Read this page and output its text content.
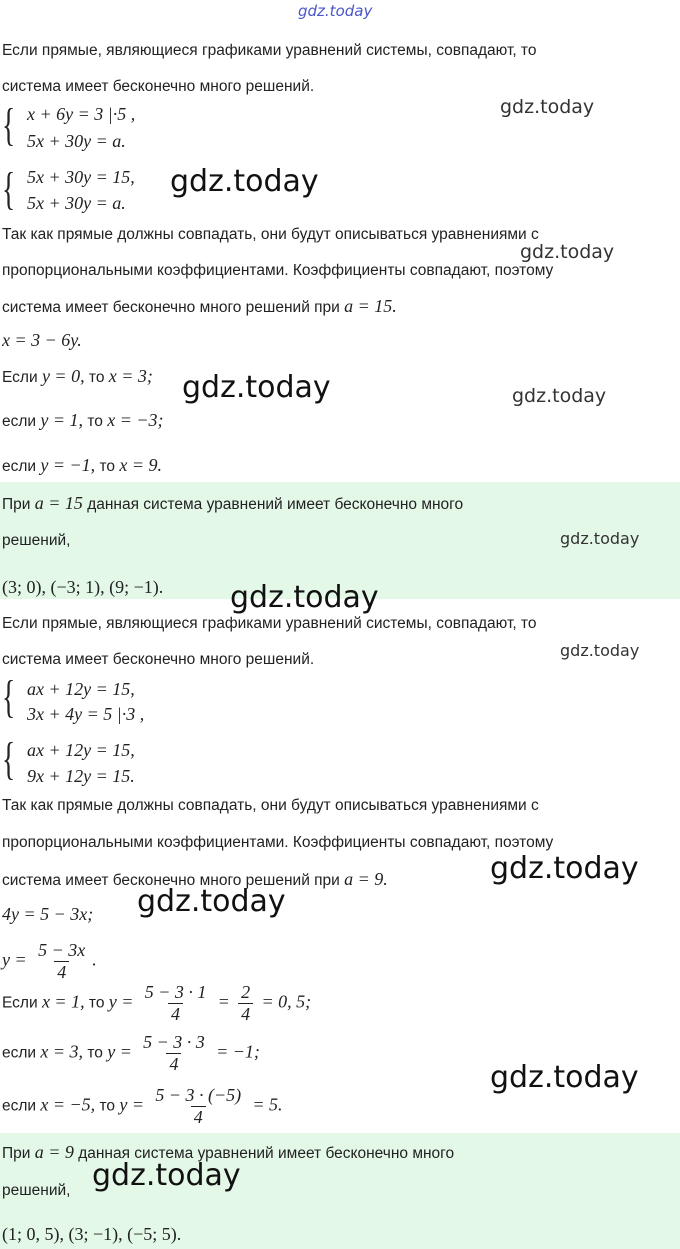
gdz.today
Если прямые, являющиеся графиками уравнений системы, совпадают, то
система имеет бесконечно много решений.
{ x + 6y = 3 |·5 ,
5x + 30y = a.
{ 5x + 30y = 15,
5x + 30y = a.
Так как прямые должны совпадать, они будут описываться уравнениями с
пропорциональными коэффициентами. Коэффициенты совпадают, поэтому
система имеет бесконечно много решений при a = 15.
x = 3 − 6y.
Если y = 0, то x = 3;
если y = 1, то x = −3;
если y = −1, то x = 9.
При a = 15 данная система уравнений имеет бесконечно много
решений,
(3; 0), (−3; 1), (9; −1).
Если прямые, являющиеся графиками уравнений системы, совпадают, то
система имеет бесконечно много решений.
{ ax + 12y = 15,
3x + 4y = 5 |·3 ,
{ ax + 12y = 15,
9x + 12y = 15.
Так как прямые должны совпадать, они будут описываться уравнениями с
пропорциональными коэффициентами. Коэффициенты совпадают, поэтому
система имеет бесконечно много решений при a = 9.
4y = 5 − 3x;
$y = \frac{5 - 3x}{4}$ .
Если x = 1, то $y = \frac{5 - 3 \cdot 1}{4} = \frac{2}{4} = 0$, 5;
если x = 3, то $y = \frac{5 - 3 \cdot 3}{4} = -1$;
если x = −5, то $y = \frac{5 - 3 \cdot (-5)}{4} = 5$.
При a = 9 данная система уравнений имеет бесконечно много
решений,
(1; 0, 5), (3; −1), (−5; 5).
gdz.today
gdz.today
gdz.today
gdz.today	gdz.today
gdz.today
gdz.today
gdz.today
gdz.today
gdz.today
gdz.today
gdz.today
